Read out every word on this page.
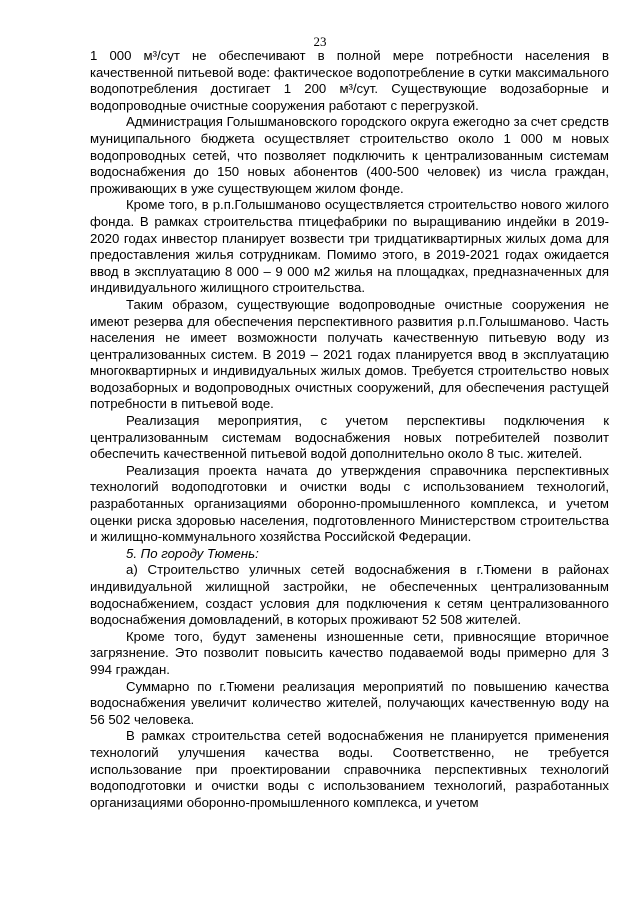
23

1 000 м³/сут не обеспечивают в полной мере потребности населения в качественной питьевой воде: фактическое водопотребление в сутки максимального водопотребления достигает 1 200 м³/сут. Существующие водозаборные и водопроводные очистные сооружения работают с перегрузкой.

Администрация Голышмановского городского округа ежегодно за счет средств муниципального бюджета осуществляет строительство около 1 000 м новых водопроводных сетей, что позволяет подключить к централизованным системам водоснабжения до 150 новых абонентов (400-500 человек) из числа граждан, проживающих в уже существующем жилом фонде.

Кроме того, в р.п.Голышманово осуществляется строительство нового жилого фонда. В рамках строительства птицефабрики по выращиванию индейки в 2019-2020 годах инвестор планирует возвести три тридцатиквартирных жилых дома для предоставления жилья сотрудникам. Помимо этого, в 2019-2021 годах ожидается ввод в эксплуатацию 8 000 – 9 000 м2 жилья на площадках, предназначенных для индивидуального жилищного строительства.

Таким образом, существующие водопроводные очистные сооружения не имеют резерва для обеспечения перспективного развития р.п.Голышманово. Часть населения не имеет возможности получать качественную питьевую воду из централизованных систем. В 2019 – 2021 годах планируется ввод в эксплуатацию многоквартирных и индивидуальных жилых домов. Требуется строительство новых водозаборных и водопроводных очистных сооружений, для обеспечения растущей потребности в питьевой воде.

Реализация мероприятия, с учетом перспективы подключения к централизованным системам водоснабжения новых потребителей позволит обеспечить качественной питьевой водой дополнительно около 8 тыс. жителей.

Реализация проекта начата до утверждения справочника перспективных технологий водоподготовки и очистки воды с использованием технологий, разработанных организациями оборонно-промышленного комплекса, и учетом оценки риска здоровью населения, подготовленного Министерством строительства и жилищно-коммунального хозяйства Российской Федерации.

5. По городу Тюмень:

а) Строительство уличных сетей водоснабжения в г.Тюмени в районах индивидуальной жилищной застройки, не обеспеченных централизованным водоснабжением, создаст условия для подключения к сетям централизованного водоснабжения домовладений, в которых проживают 52 508 жителей.

Кроме того, будут заменены изношенные сети, привносящие вторичное загрязнение. Это позволит повысить качество подаваемой воды примерно для 3 994 граждан.

Суммарно по г.Тюмени реализация мероприятий по повышению качества водоснабжения увеличит количество жителей, получающих качественную воду на 56 502 человека.

В рамках строительства сетей водоснабжения не планируется применения технологий улучшения качества воды. Соответственно, не требуется использование при проектировании справочника перспективных технологий водоподготовки и очистки воды с использованием технологий, разработанных организациями оборонно-промышленного комплекса, и учетом
